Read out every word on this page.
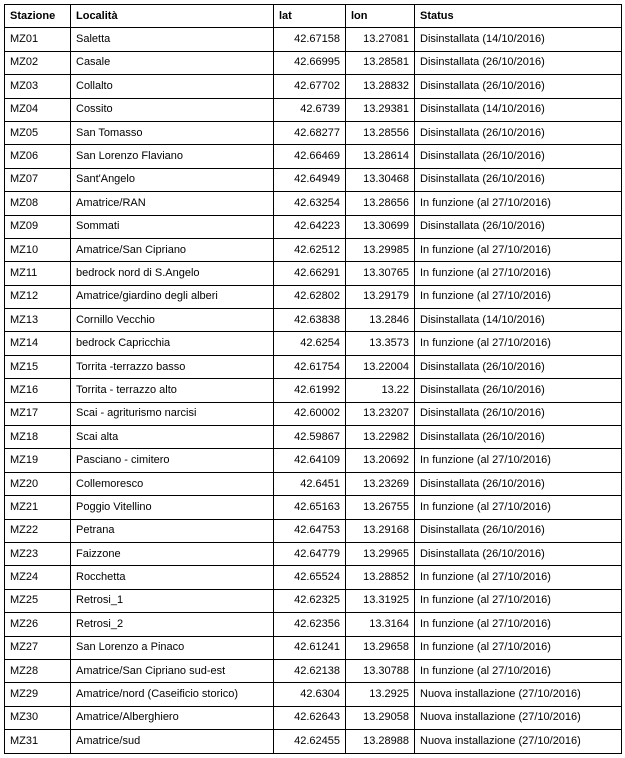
Stazione	Località	lat	lon	Status
MZ01	Saletta	42.67158	13.27081	Disinstallata (14/10/2016)
MZ02	Casale	42.66995	13.28581	Disinstallata (26/10/2016)
MZ03	Collalto	42.67702	13.28832	Disinstallata (26/10/2016)
MZ04	Cossito	42.6739	13.29381	Disinstallata (14/10/2016)
MZ05	San Tomasso	42.68277	13.28556	Disinstallata (26/10/2016)
MZ06	San Lorenzo Flaviano	42.66469	13.28614	Disinstallata (26/10/2016)
MZ07	Sant'Angelo	42.64949	13.30468	Disinstallata (26/10/2016)
MZ08	Amatrice/RAN	42.63254	13.28656	In funzione (al 27/10/2016)
MZ09	Sommati	42.64223	13.30699	Disinstallata (26/10/2016)
MZ10	Amatrice/San Cipriano	42.62512	13.29985	In funzione (al 27/10/2016)
MZ11	bedrock nord di S.Angelo	42.66291	13.30765	In funzione (al 27/10/2016)
MZ12	Amatrice/giardino degli alberi	42.62802	13.29179	In funzione (al 27/10/2016)
MZ13	Cornillo Vecchio	42.63838	13.2846	Disinstallata (14/10/2016)
MZ14	bedrock Capricchia	42.6254	13.3573	In funzione (al 27/10/2016)
MZ15	Torrita -terrazzo basso	42.61754	13.22004	Disinstallata (26/10/2016)
MZ16	Torrita - terrazzo alto	42.61992	13.22	Disinstallata (26/10/2016)
MZ17	Scai - agriturismo narcisi	42.60002	13.23207	Disinstallata (26/10/2016)
MZ18	Scai alta	42.59867	13.22982	Disinstallata (26/10/2016)
MZ19	Pasciano - cimitero	42.64109	13.20692	In funzione (al 27/10/2016)
MZ20	Collemoresco	42.6451	13.23269	Disinstallata (26/10/2016)
MZ21	Poggio Vitellino	42.65163	13.26755	In funzione (al 27/10/2016)
MZ22	Petrana	42.64753	13.29168	Disinstallata (26/10/2016)
MZ23	Faizzone	42.64779	13.29965	Disinstallata (26/10/2016)
MZ24	Rocchetta	42.65524	13.28852	In funzione (al 27/10/2016)
MZ25	Retrosi_1	42.62325	13.31925	In funzione (al 27/10/2016)
MZ26	Retrosi_2	42.62356	13.3164	In funzione (al 27/10/2016)
MZ27	San Lorenzo a Pinaco	42.61241	13.29658	In funzione (al 27/10/2016)
MZ28	Amatrice/San Cipriano sud-est	42.62138	13.30788	In funzione (al 27/10/2016)
MZ29	Amatrice/nord (Caseificio storico)	42.6304	13.2925	Nuova installazione (27/10/2016)
MZ30	Amatrice/Alberghiero	42.62643	13.29058	Nuova installazione (27/10/2016)
MZ31	Amatrice/sud	42.62455	13.28988	Nuova installazione (27/10/2016)
